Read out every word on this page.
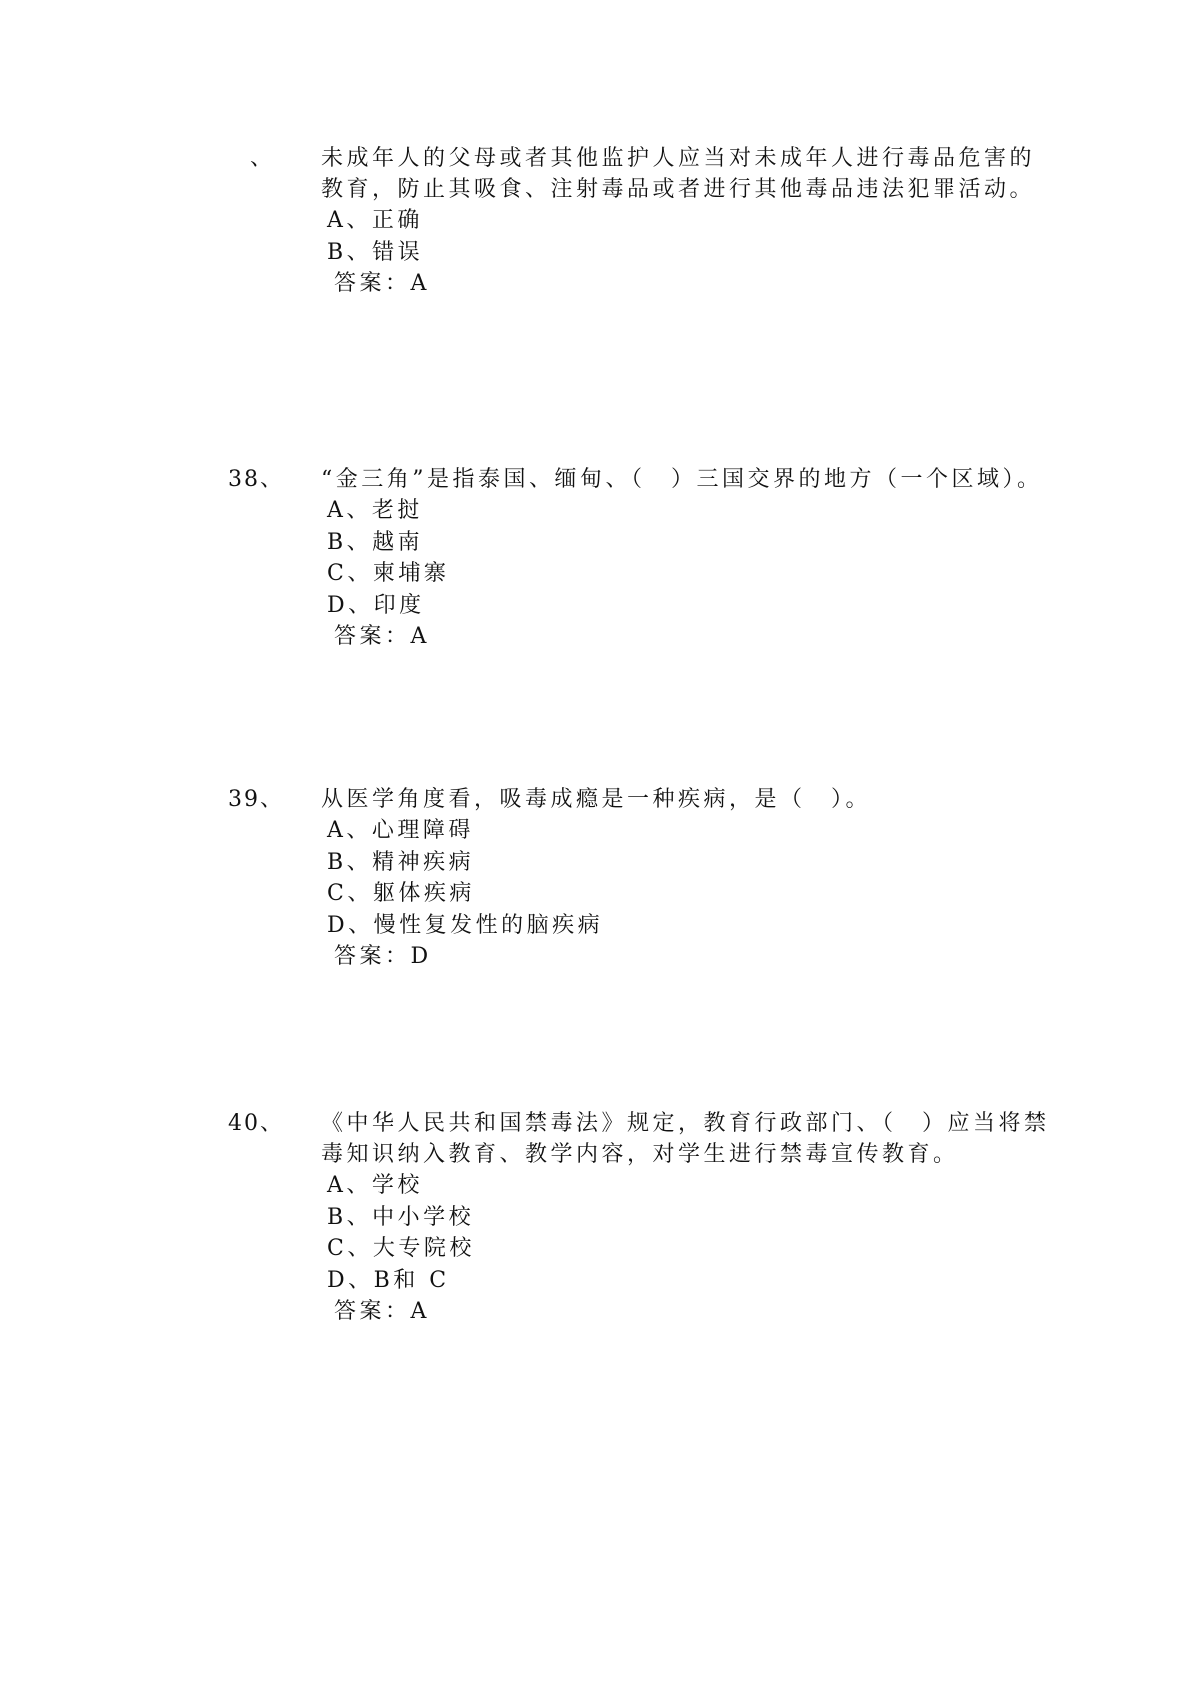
、 未成年人的父母或者其他监护人应当对未成年人进行毒品危害的
教育，防止其吸食、注射毒品或者进行其他毒品违法犯罪活动。
A、正确
B、错误
答案：A
38、 “金三角”是指泰国、缅甸、（　）三国交界的地方（一个区域）。
A、老挝
B、越南
C、柬埔寨
D、印度
答案：A
39、 从医学角度看，吸毒成瘾是一种疾病，是（　）。
A、心理障碍
B、精神疾病
C、躯体疾病
D、慢性复发性的脑疾病
答案：D
40、 《中华人民共和国禁毒法》规定，教育行政部门、（　）应当将禁
毒知识纳入教育、教学内容，对学生进行禁毒宣传教育。
A、学校
B、中小学校
C、大专院校
D、B和 C
答案：A
